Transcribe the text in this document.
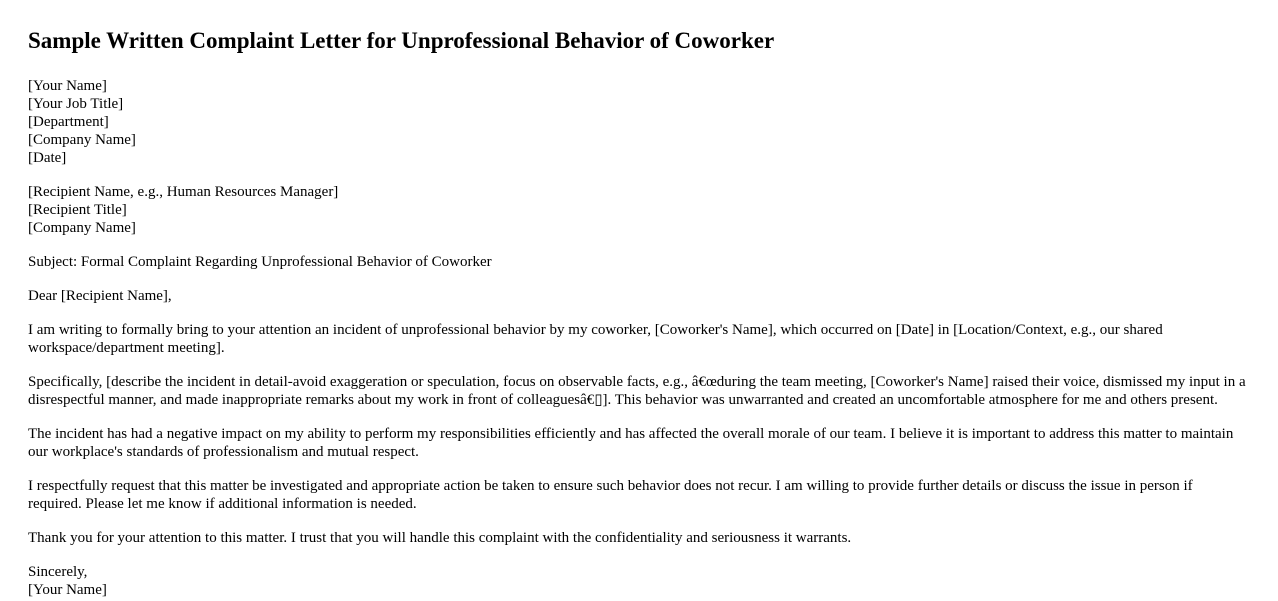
Sample Written Complaint Letter for Unprofessional Behavior of Coworker
[Your Name]
[Your Job Title]
[Department]
[Company Name]
[Date]
[Recipient Name, e.g., Human Resources Manager]
[Recipient Title]
[Company Name]

Subject: Formal Complaint Regarding Unprofessional Behavior of Coworker

Dear [Recipient Name],

I am writing to formally bring to your attention an incident of unprofessional behavior by my coworker, [Coworker's Name], which occurred on [Date] in [Location/Context, e.g., our shared workspace/department meeting].

Specifically, [describe the incident in detail-avoid exaggeration or speculation, focus on observable facts, e.g., â€œduring the team meeting, [Coworker's Name] raised their voice, dismissed my input in a disrespectful manner, and made inappropriate remarks about my work in front of colleaguesâ€▯]. This behavior was unwarranted and created an uncomfortable atmosphere for me and others present.

The incident has had a negative impact on my ability to perform my responsibilities efficiently and has affected the overall morale of our team. I believe it is important to address this matter to maintain our workplace's standards of professionalism and mutual respect.

I respectfully request that this matter be investigated and appropriate action be taken to ensure such behavior does not recur. I am willing to provide further details or discuss the issue in person if required. Please let me know if additional information is needed.

Thank you for your attention to this matter. I trust that you will handle this complaint with the confidentiality and seriousness it warrants.

Sincerely,
[Your Name]
